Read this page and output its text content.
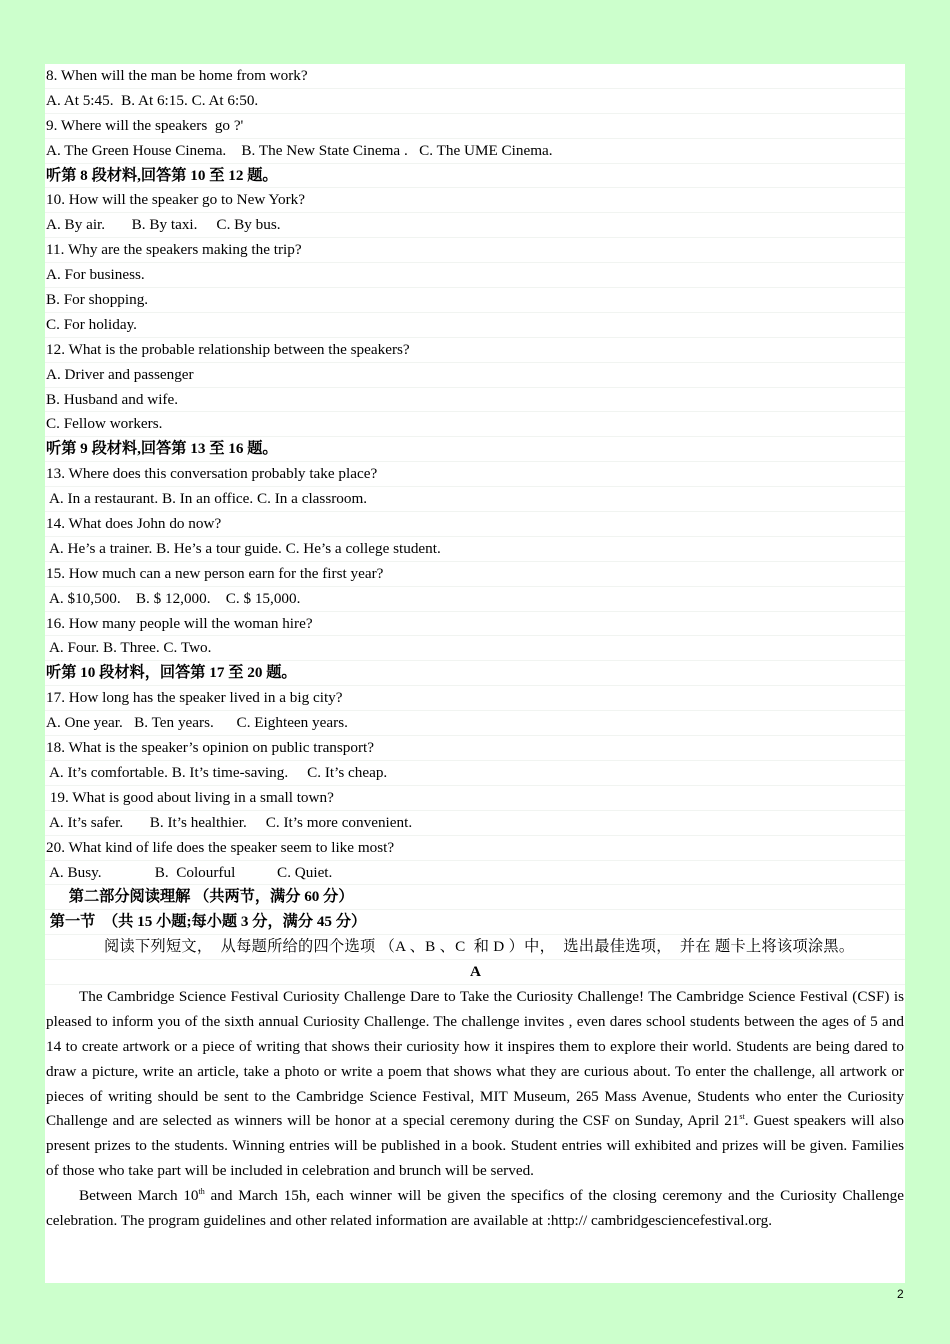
8. When will the man be home from work?
A. At 5:45.  B. At 6:15. C. At 6:50.
9. Where will the speakers  go ?'
A. The Green House Cinema.    B. The New State Cinema .   C. The UME Cinema.
听第 8 段材料,回答第 10 至 12 题。
10. How will the speaker go to New York?
A. By air.       B. By taxi.     C. By bus.
11. Why are the speakers making the trip?
A. For business.
B. For shopping.
C. For holiday.
12. What is the probable relationship between the speakers?
A. Driver and passenger
B. Husband and wife.
C. Fellow workers.
听第 9 段材料,回答第 13 至 16 题。
13. Where does this conversation probably take place?
A. In a restaurant. B. In an office. C. In a classroom.
14. What does John do now?
A. He’s a trainer. B. He’s a tour guide. C. He’s a college student.
15. How much can a new person earn for the first year?
A. $10,500.    B. $ 12,000.    C. $ 15,000.
16. How many people will the woman hire?
A. Four. B. Three. C. Two.
听第 10 段材料，回答第 17 至 20 题。
17. How long has the speaker lived in a big city?
A. One year.   B. Ten years.      C. Eighteen years.
18. What is the speaker’s opinion on public transport?
A. It’s comfortable. B. It’s time-saving.     C. It’s cheap.
19. What is good about living in a small town?
A. It’s safer.       B. It’s healthier.     C. It’s more convenient.
20. What kind of life does the speaker seem to like most?
A. Busy.              B.  Colourful           C. Quiet.
第二部分阅读理解 （共两节，满分 60 分）
第一节  （共 15 小题;每小题 3 分，满分 45 分）
阅读下列短文，  从每题所给的四个选项 （A 、B 、C  和 D ）中，  选出最佳选项，  并在 题卡上将该项涂黑。
A
The Cambridge Science Festival Curiosity Challenge Dare to Take the Curiosity Challenge! The Cambridge Science Festival (CSF) is pleased to inform you of the sixth annual Curiosity Challenge. The challenge invites , even dares school students between the ages of 5 and 14 to create artwork or a piece of writing that shows their curiosity how it inspires them to explore their world. Students are being dared to draw a picture, write an article, take a photo or write a poem that shows what they are curious about. To enter the challenge, all artwork or pieces of writing should be sent to the Cambridge Science Festival, MIT Museum, 265 Mass Avenue, Students who enter the Curiosity Challenge and are selected as winners will be honor at a special ceremony during the CSF on Sunday, April 21st. Guest speakers will also present prizes to the students. Winning entries will be published in a book. Student entries will exhibited and prizes will be given. Families of those who take part will be included in celebration and brunch will be served.
Between March 10th and March 15h, each winner will be given the specifics of the closing ceremony and the Curiosity Challenge celebration. The program guidelines and other related information are available at :http:// cambridgesciencefestival.org.
2
